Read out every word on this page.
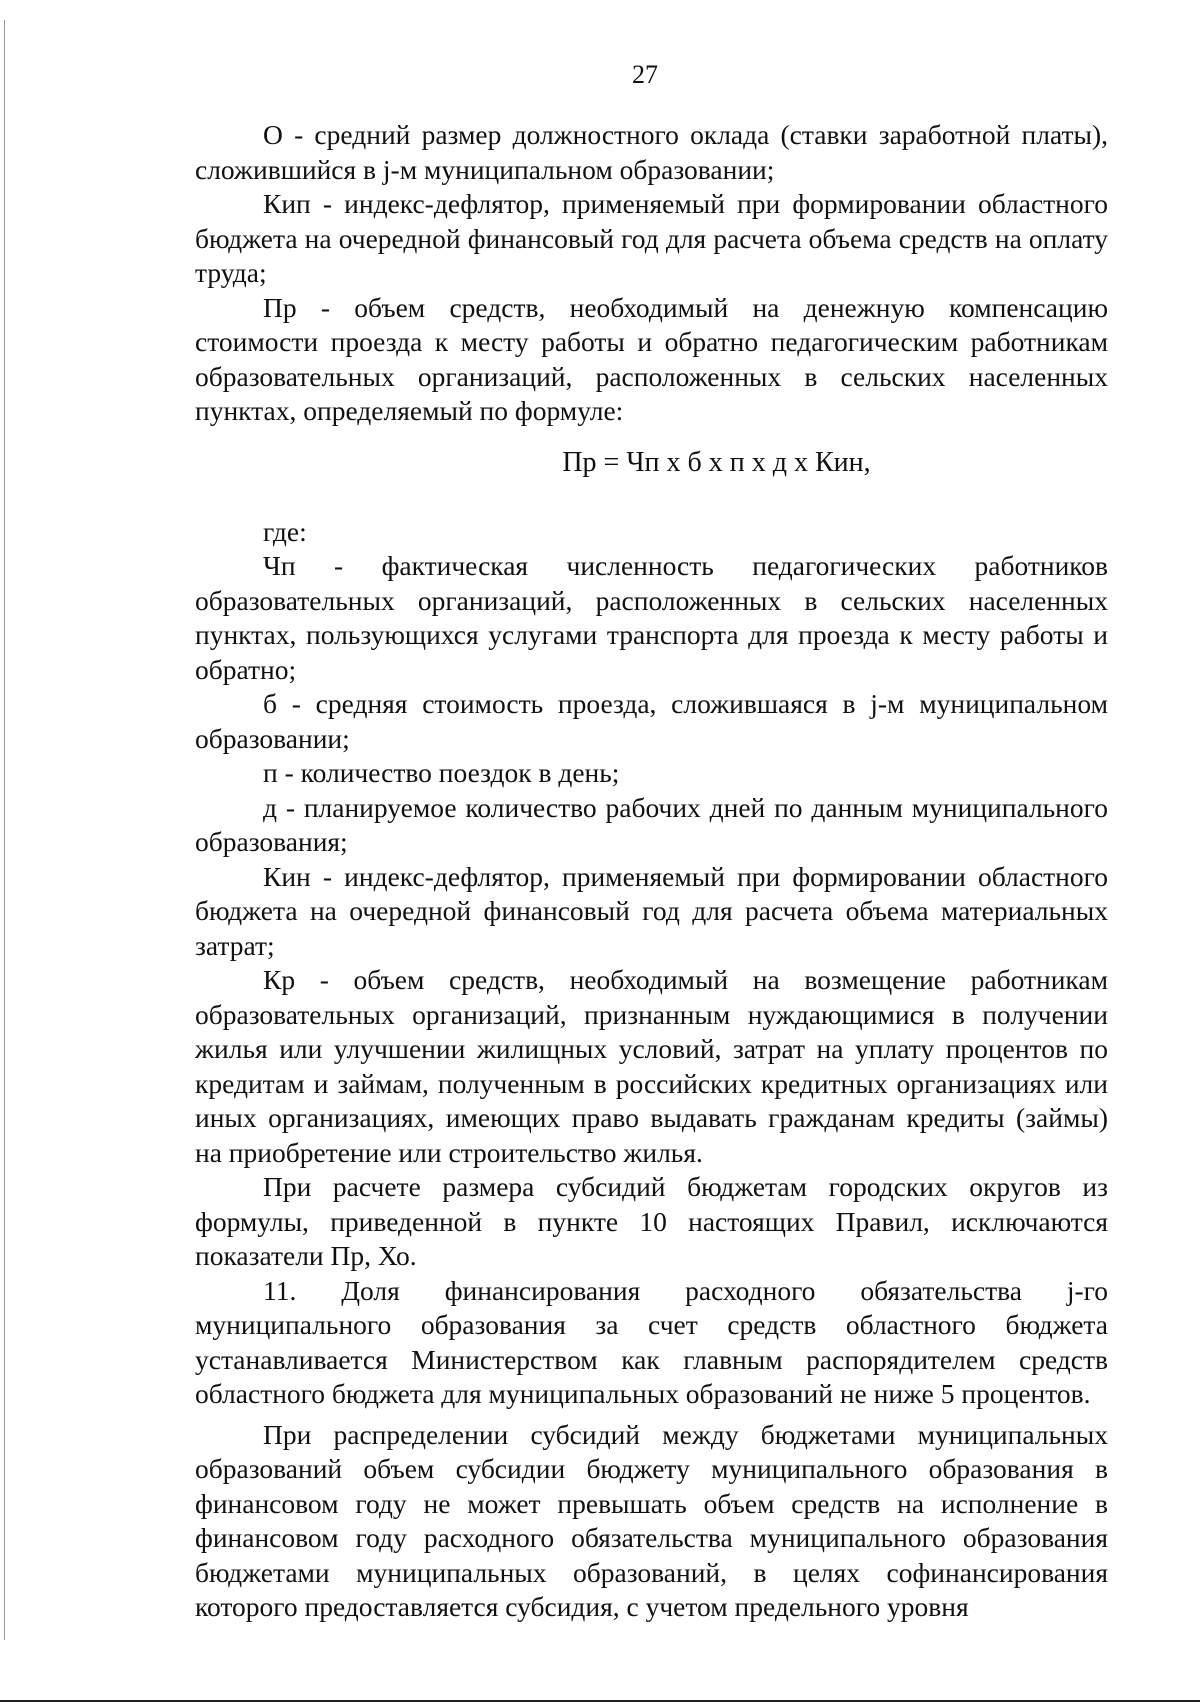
27

О - средний размер должностного оклада (ставки заработной платы), сложившийся в j-м муниципальном образовании;

Кип - индекс-дефлятор, применяемый при формировании областного бюджета на очередной финансовый год для расчета объема средств на оплату труда;

Пр - объем средств, необходимый на денежную компенсацию стоимости проезда к месту работы и обратно педагогическим работникам образовательных организаций, расположенных в сельских населенных пунктах, определяемый по формуле:

Пр = Чп х б х п х д х Кин,

где:

Чп - фактическая численность педагогических работников образовательных организаций, расположенных в сельских населенных пунктах, пользующихся услугами транспорта для проезда к месту работы и обратно;

б - средняя стоимость проезда, сложившаяся в j-м муниципальном образовании;

п - количество поездок в день;

д - планируемое количество рабочих дней по данным муниципального образования;

Кин - индекс-дефлятор, применяемый при формировании областного бюджета на очередной финансовый год для расчета объема материальных затрат;

Кр - объем средств, необходимый на возмещение работникам образовательных организаций, признанным нуждающимися в получении жилья или улучшении жилищных условий, затрат на уплату процентов по кредитам и займам, полученным в российских кредитных организациях или иных организациях, имеющих право выдавать гражданам кредиты (займы) на приобретение или строительство жилья.

При расчете размера субсидий бюджетам городских округов из формулы, приведенной в пункте 10 настоящих Правил, исключаются показатели Пр, Хо.

11. Доля финансирования расходного обязательства j-го муниципального образования за счет средств областного бюджета устанавливается Министерством как главным распорядителем средств областного бюджета для муниципальных образований не ниже 5 процентов.

При распределении субсидий между бюджетами муниципальных образований объем субсидии бюджету муниципального образования в финансовом году не может превышать объем средств на исполнение в финансовом году расходного обязательства муниципального образования бюджетами муниципальных образований, в целях софинансирования которого предоставляется субсидия, с учетом предельного уровня
